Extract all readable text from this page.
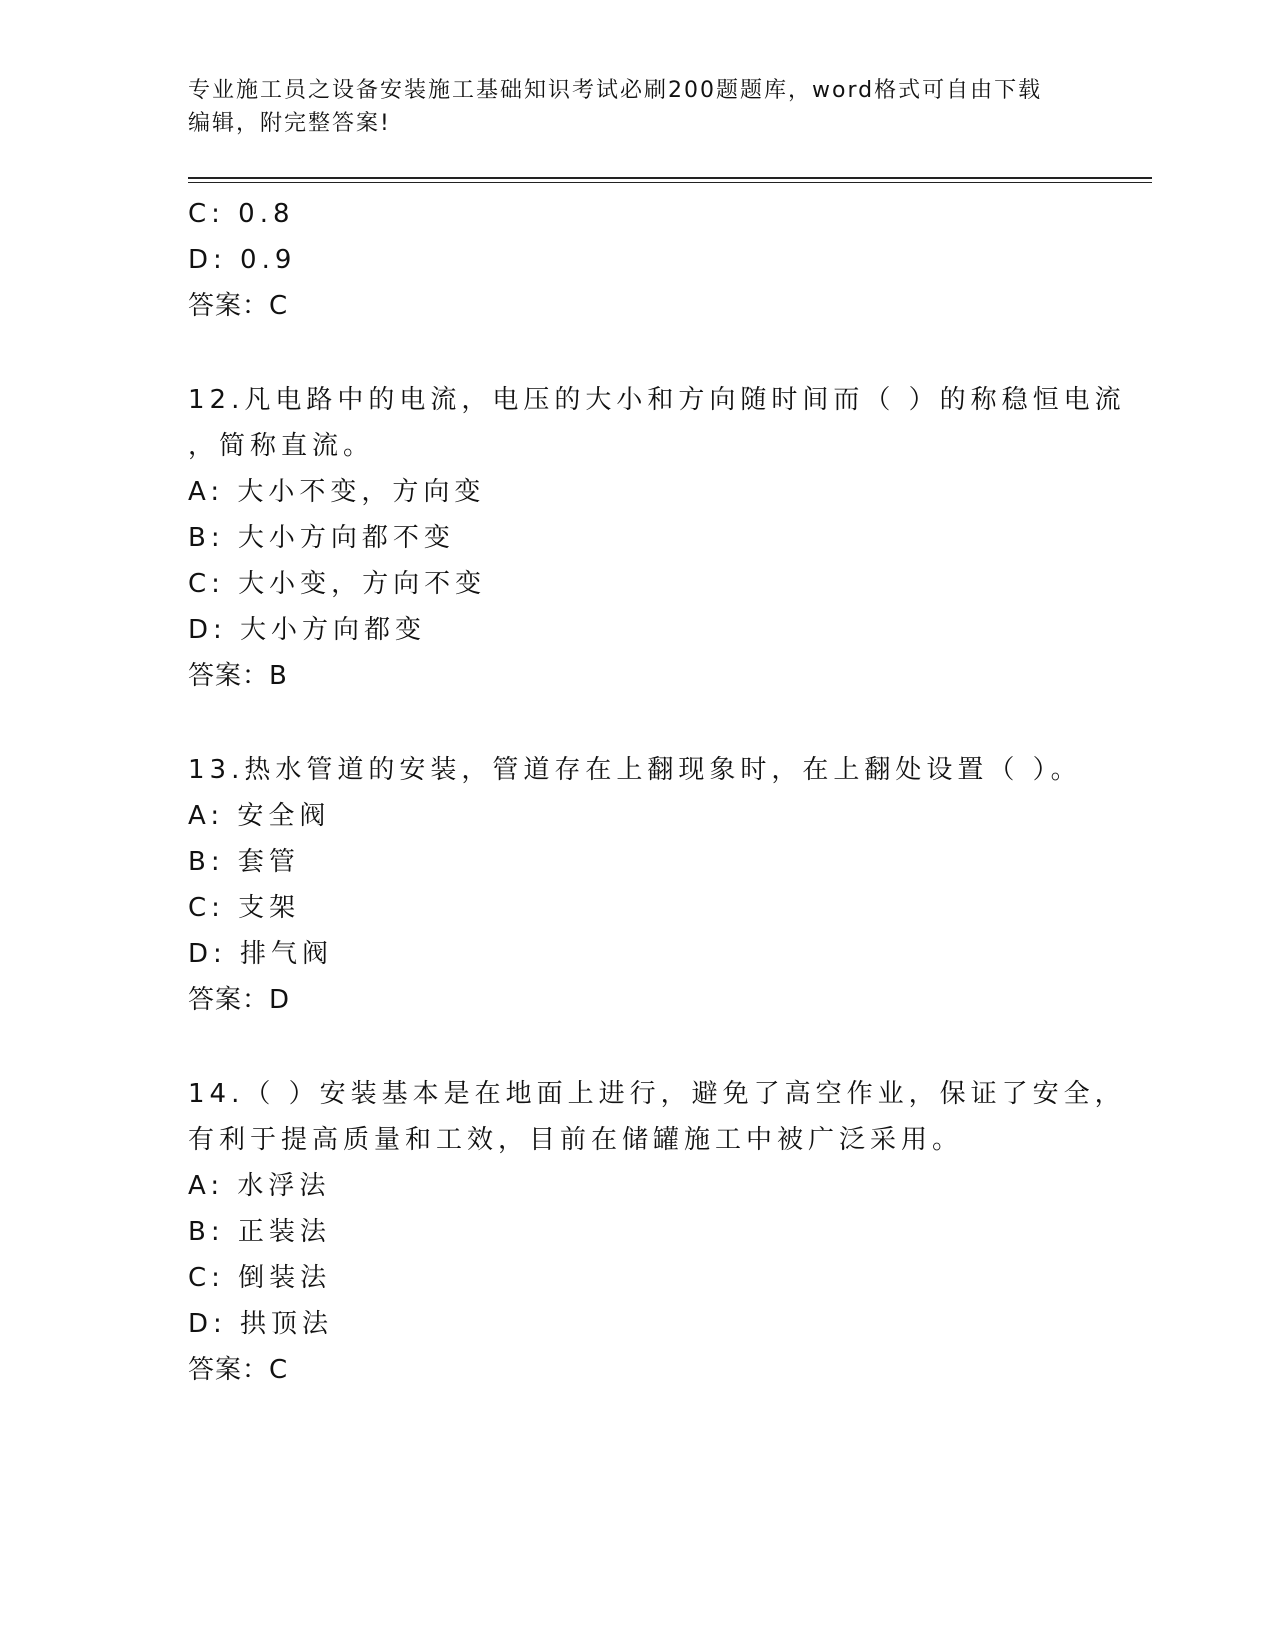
专业施工员之设备安装施工基础知识考试必刷200题题库，word格式可自由下载
编辑，附完整答案!
C: 0.8
D: 0.9
答案：C
12.凡电路中的电流，电压的大小和方向随时间而（ ）的称稳恒电流
，简称直流。
A: 大小不变，方向变
B: 大小方向都不变
C: 大小变，方向不变
D: 大小方向都变
答案：B
13.热水管道的安装，管道存在上翻现象时，在上翻处设置（ ）。
A: 安全阀
B: 套管
C: 支架
D: 排气阀
答案：D
14.（ ）安装基本是在地面上进行，避免了高空作业，保证了安全，
有利于提高质量和工效，目前在储罐施工中被广泛采用。
A: 水浮法
B: 正装法
C: 倒装法
D: 拱顶法
答案：C
